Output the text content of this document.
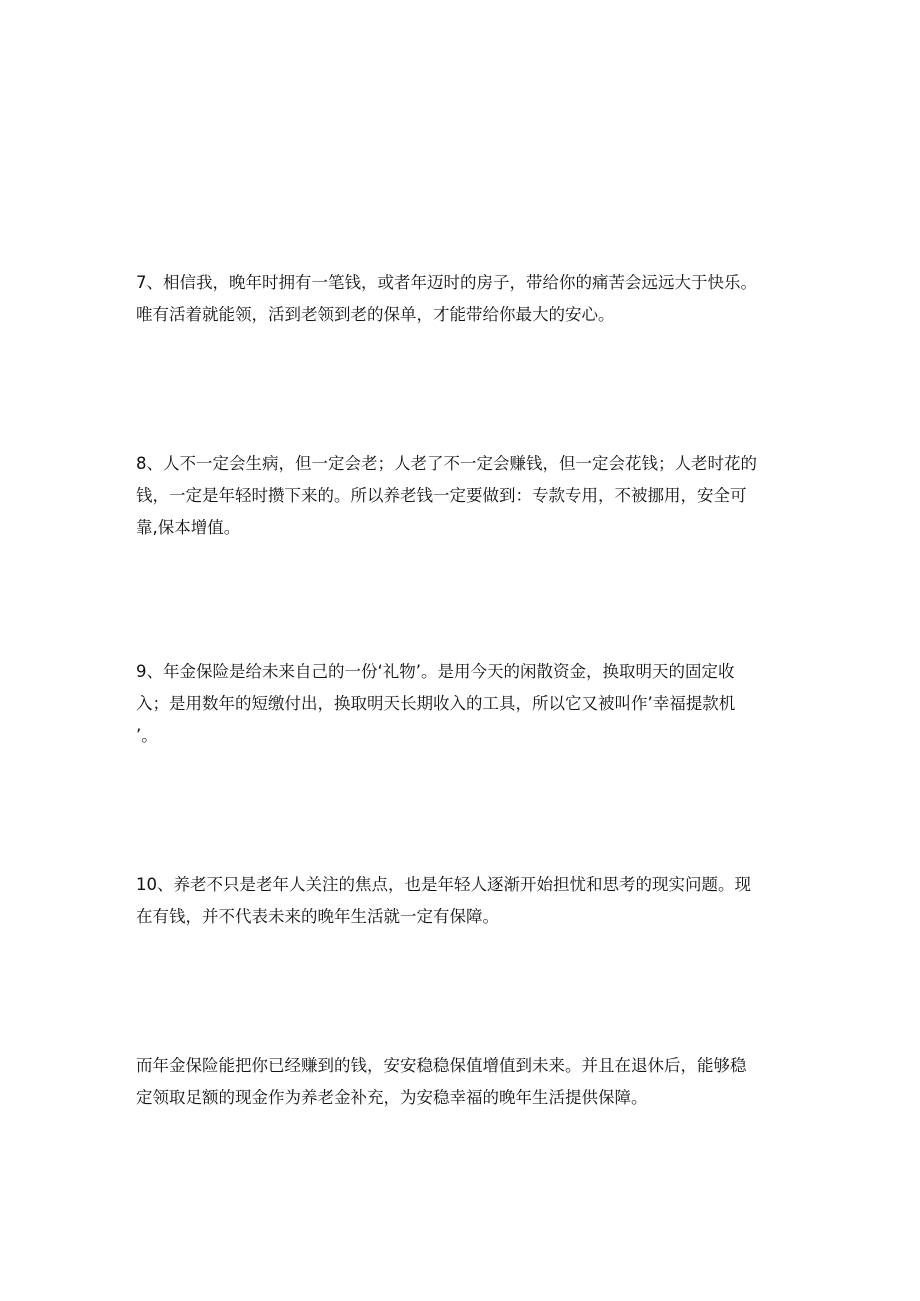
7、相信我，晚年时拥有一笔钱，或者年迈时的房子，带给你的痛苦会远远大于快乐。
唯有活着就能领，活到老领到老的保单，才能带给你最大的安心。

8、人不一定会生病，但一定会老；人老了不一定会赚钱，但一定会花钱；人老时花的
钱，一定是年轻时攒下来的。所以养老钱一定要做到：专款专用，不被挪用，安全可
靠,保本增值。

9、年金保险是给未来自己的一份‘礼物’。是用今天的闲散资金，换取明天的固定收
入；是用数年的短缴付出，换取明天长期收入的工具，所以它又被叫作’幸福提款机
’。

10、养老不只是老年人关注的焦点，也是年轻人逐渐开始担忧和思考的现实问题。现
在有钱，并不代表未来的晚年生活就一定有保障。

而年金保险能把你已经赚到的钱，安安稳稳保值增值到未来。并且在退休后，能够稳
定领取足额的现金作为养老金补充，为安稳幸福的晚年生活提供保障。
